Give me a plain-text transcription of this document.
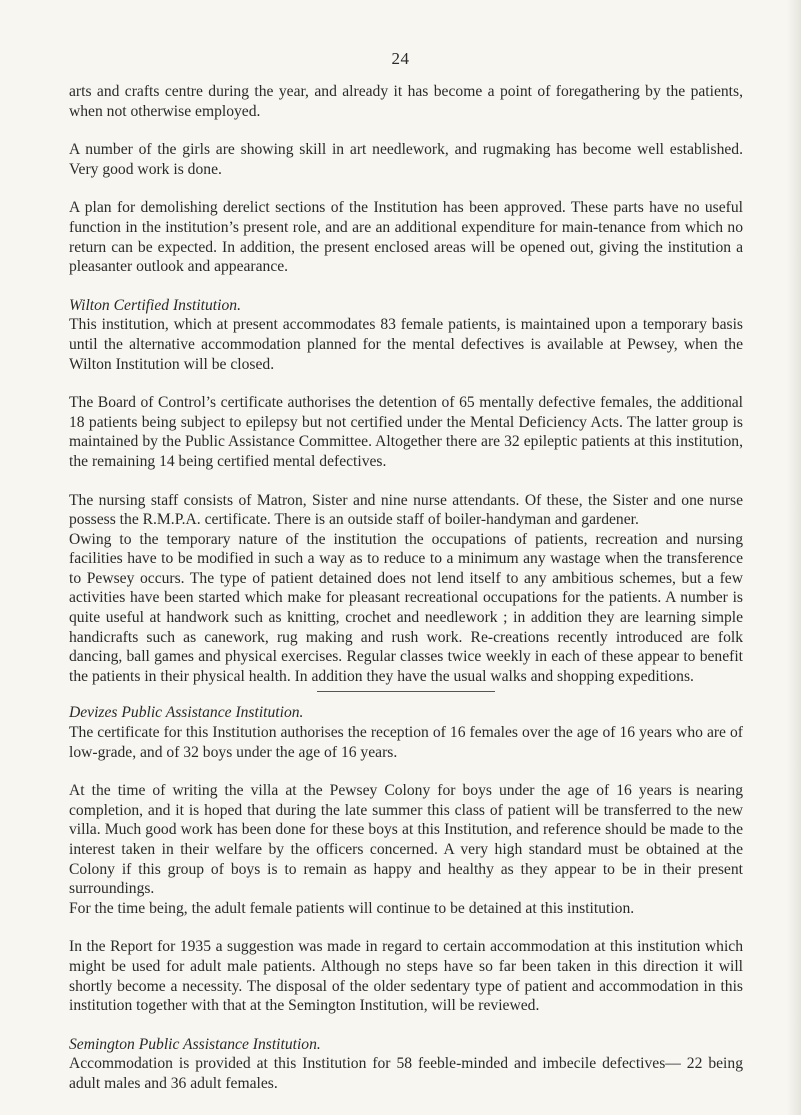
24

arts and crafts centre during the year, and already it has become a point of foregathering by the patients, when not otherwise employed.

A number of the girls are showing skill in art needlework, and rugmaking has become well established. Very good work is done.

A plan for demolishing derelict sections of the Institution has been approved. These parts have no useful function in the institution’s present role, and are an additional expenditure for main-tenance from which no return can be expected. In addition, the present enclosed areas will be opened out, giving the institution a pleasanter outlook and appearance.

Wilton Certified Institution.

This institution, which at present accommodates 83 female patients, is maintained upon a temporary basis until the alternative accommodation planned for the mental defectives is available at Pewsey, when the Wilton Institution will be closed.

The Board of Control’s certificate authorises the detention of 65 mentally defective females, the additional 18 patients being subject to epilepsy but not certified under the Mental Deficiency Acts. The latter group is maintained by the Public Assistance Committee. Altogether there are 32 epileptic patients at this institution, the remaining 14 being certified mental defectives.

The nursing staff consists of Matron, Sister and nine nurse attendants. Of these, the Sister and one nurse possess the R.M.P.A. certificate. There is an outside staff of boiler-handyman and gardener.

Owing to the temporary nature of the institution the occupations of patients, recreation and nursing facilities have to be modified in such a way as to reduce to a minimum any wastage when the transference to Pewsey occurs. The type of patient detained does not lend itself to any ambitious schemes, but a few activities have been started which make for pleasant recreational occupations for the patients. A number is quite useful at handwork such as knitting, crochet and needlework ; in addition they are learning simple handicrafts such as canework, rug making and rush work. Re-creations recently introduced are folk dancing, ball games and physical exercises. Regular classes twice weekly in each of these appear to benefit the patients in their physical health. In addition they have the usual walks and shopping expeditions.

Devizes Public Assistance Institution.

The certificate for this Institution authorises the reception of 16 females over the age of 16 years who are of low-grade, and of 32 boys under the age of 16 years.

At the time of writing the villa at the Pewsey Colony for boys under the age of 16 years is nearing completion, and it is hoped that during the late summer this class of patient will be transferred to the new villa. Much good work has been done for these boys at this Institution, and reference should be made to the interest taken in their welfare by the officers concerned. A very high standard must be obtained at the Colony if this group of boys is to remain as happy and healthy as they appear to be in their present surroundings.

For the time being, the adult female patients will continue to be detained at this institution.

In the Report for 1935 a suggestion was made in regard to certain accommodation at this institution which might be used for adult male patients. Although no steps have so far been taken in this direction it will shortly become a necessity. The disposal of the older sedentary type of patient and accommodation in this institution together with that at the Semington Institution, will be reviewed.

Semington Public Assistance Institution.

Accommodation is provided at this Institution for 58 feeble-minded and imbecile defectives— 22 being adult males and 36 adult females.
